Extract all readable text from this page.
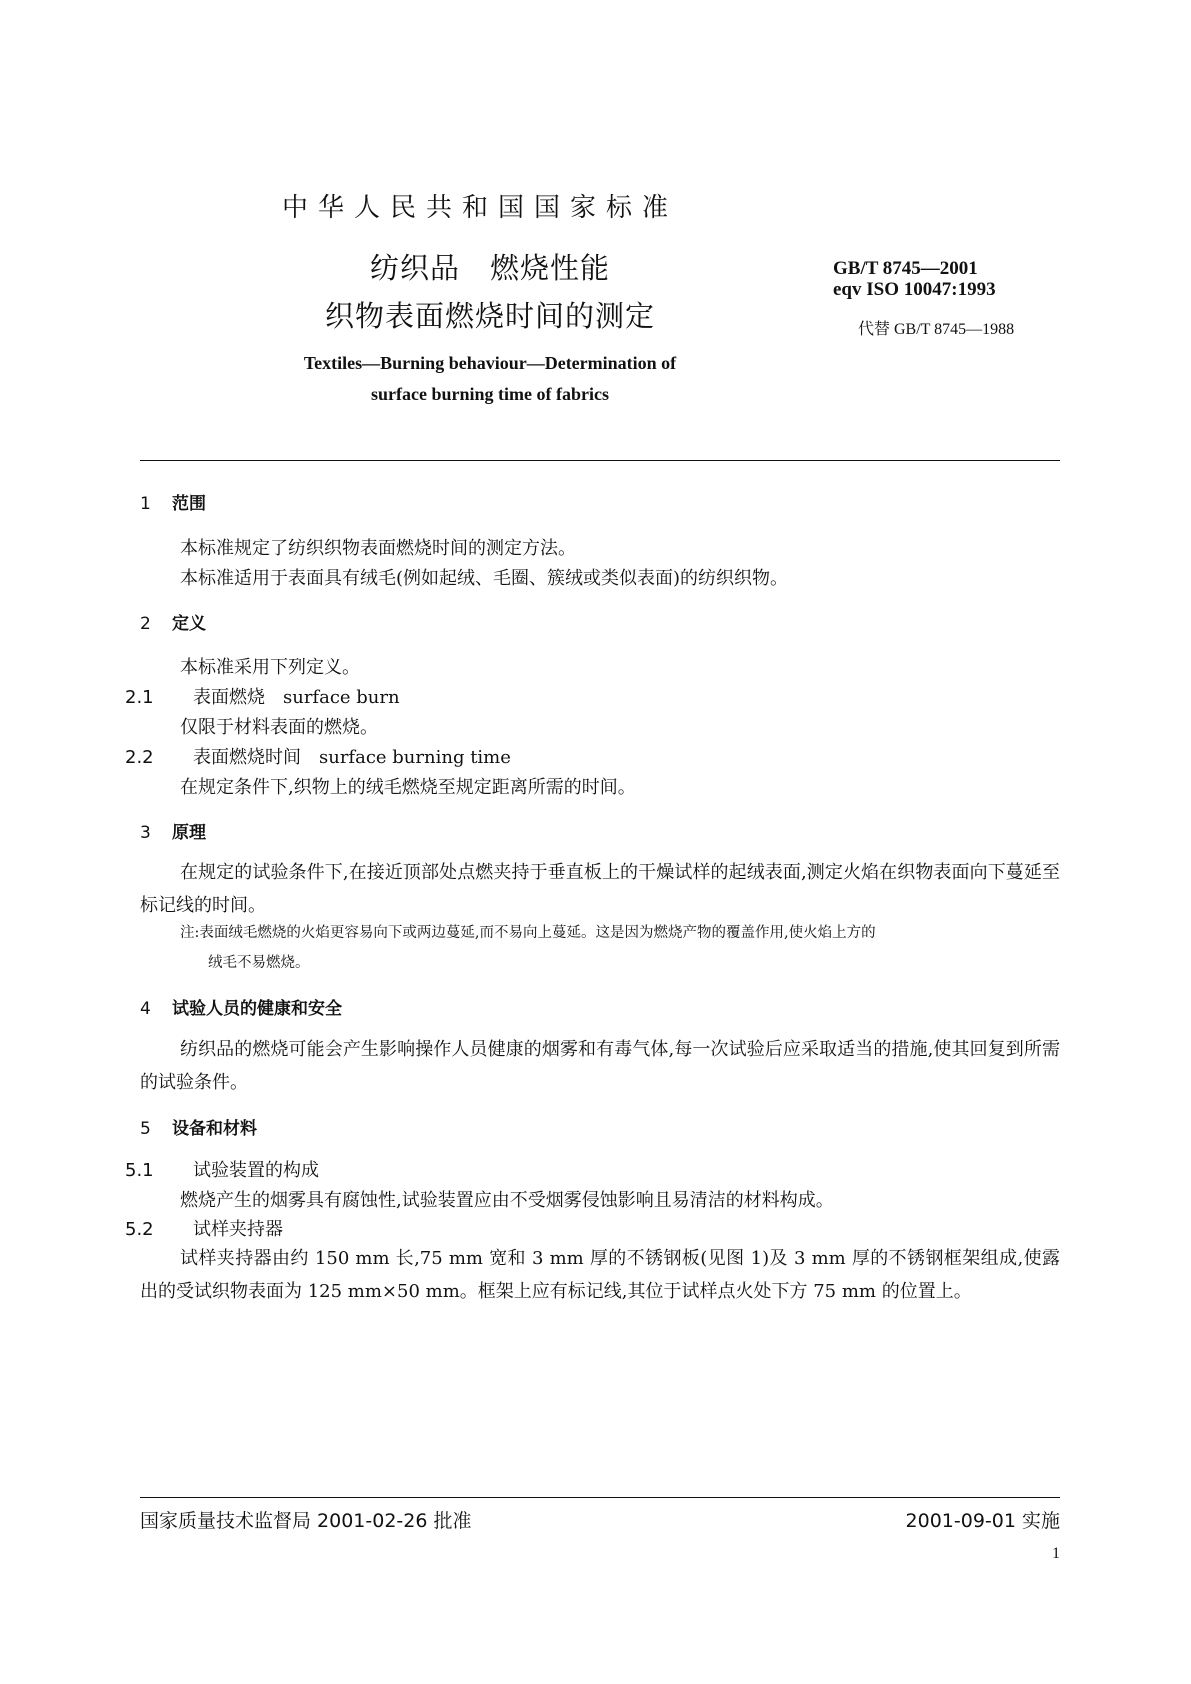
中华人民共和国国家标准
纺织品　燃烧性能
织物表面燃烧时间的测定
GB/T 8745—2001
eqv ISO 10047:1993
代替 GB/T 8745—1988
Textiles—Burning behaviour—Determination of
surface burning time of fabrics
1 范围
本标准规定了纺织织物表面燃烧时间的测定方法。
本标准适用于表面具有绒毛(例如起绒、毛圈、簇绒或类似表面)的纺织织物。
2 定义
本标准采用下列定义。
2.1 表面燃烧　surface burn
仅限于材料表面的燃烧。
2.2 表面燃烧时间　surface burning time
在规定条件下,织物上的绒毛燃烧至规定距离所需的时间。
3 原理
在规定的试验条件下,在接近顶部处点燃夹持于垂直板上的干燥试样的起绒表面,测定火焰在织物表面向下蔓延至标记线的时间。
注:表面绒毛燃烧的火焰更容易向下或两边蔓延,而不易向上蔓延。这是因为燃烧产物的覆盖作用,使火焰上方的
绒毛不易燃烧。
4 试验人员的健康和安全
纺织品的燃烧可能会产生影响操作人员健康的烟雾和有毒气体,每一次试验后应采取适当的措施,使其回复到所需的试验条件。
5 设备和材料
5.1 试验装置的构成
燃烧产生的烟雾具有腐蚀性,试验装置应由不受烟雾侵蚀影响且易清洁的材料构成。
5.2 试样夹持器
试样夹持器由约 150 mm 长,75 mm 宽和 3 mm 厚的不锈钢板(见图 1)及 3 mm 厚的不锈钢框架组成,使露出的受试织物表面为 125 mm×50 mm。框架上应有标记线,其位于试样点火处下方 75 mm 的位置上。
国家质量技术监督局 2001-02-26 批准	2001-09-01 实施
1
